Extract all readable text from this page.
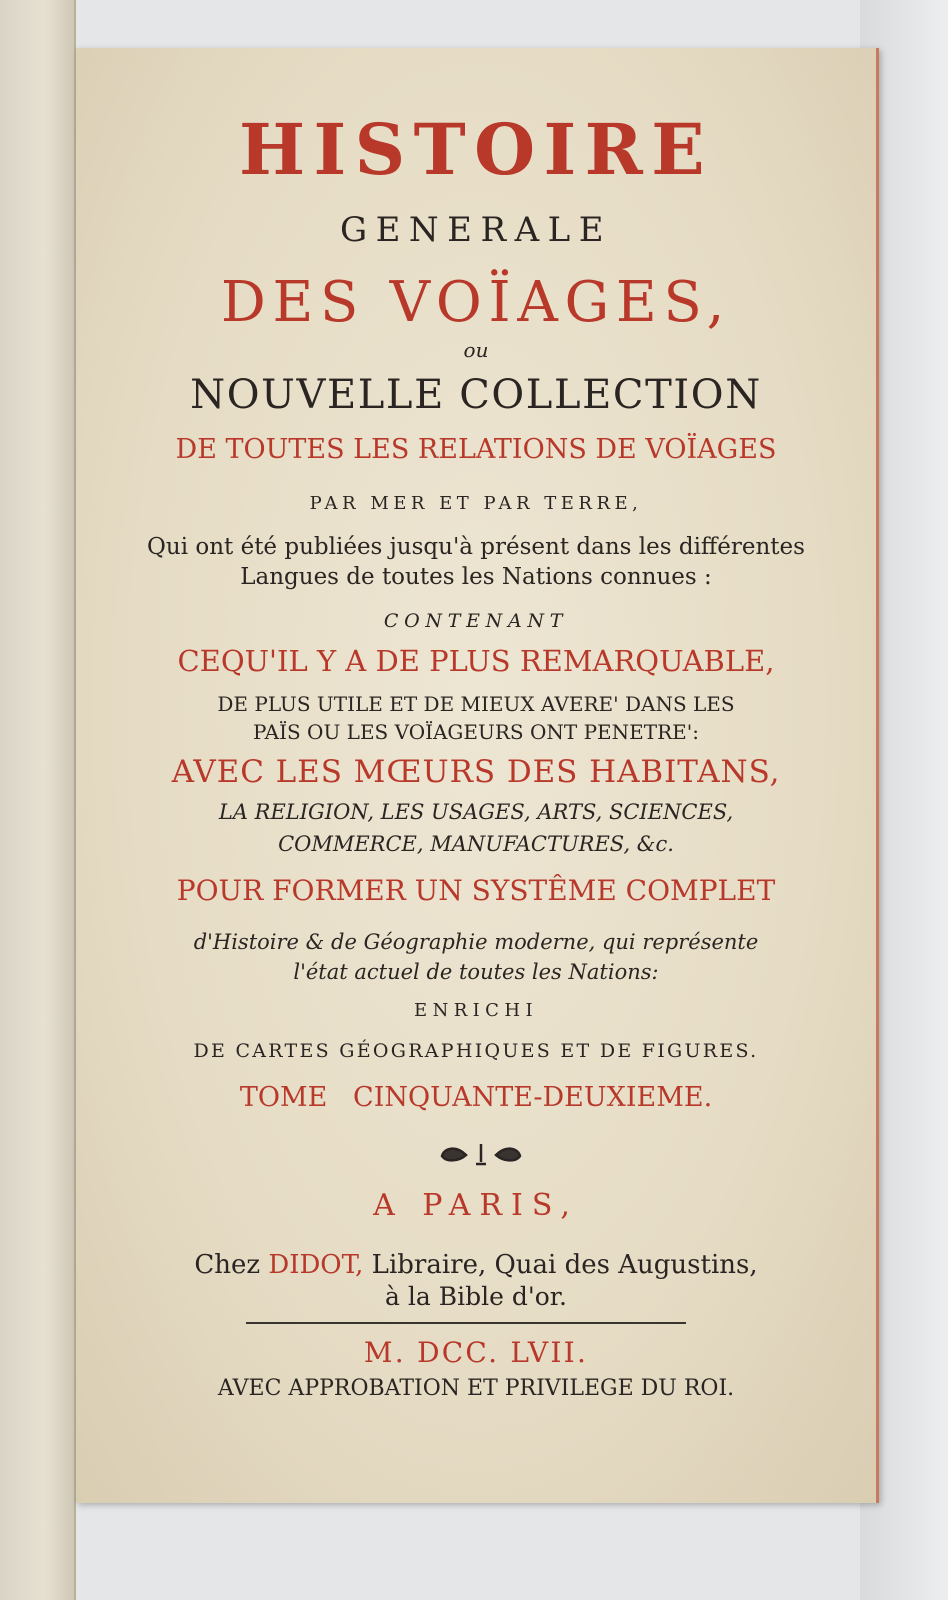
HISTOIRE
GENERALE
DES VOÏAGES,
ou
NOUVELLE COLLECTION
DE TOUTES LES RELATIONS DE VOÏAGES
PAR MER ET PAR TERRE,
Qui ont été publiées jusqu'à présent dans les différentes
Langues de toutes les Nations connues :
CONTENANT
CEQU'IL Y A DE PLUS REMARQUABLE,
DE PLUS UTILE ET DE MIEUX AVERE' DANS LES
PAÏS OU LES VOÏAGEURS ONT PENETRE':
AVEC LES MŒURS DES HABITANS,
LA RELIGION, LES USAGES, ARTS, SCIENCES,
COMMERCE, MANUFACTURES, &c.
POUR FORMER UN SYSTÊME COMPLET
d'Histoire & de Géographie moderne, qui représente
l'état actuel de toutes les Nations:
ENRICHI
DE CARTES GÉOGRAPHIQUES ET DE FIGURES.
TOME   CINQUANTE-DEUXIEME.
A PARIS,
Chez DIDOT, Libraire, Quai des Augustins,
à la Bible d'or.
M. DCC. LVII.
AVEC APPROBATION ET PRIVILEGE DU ROI.
